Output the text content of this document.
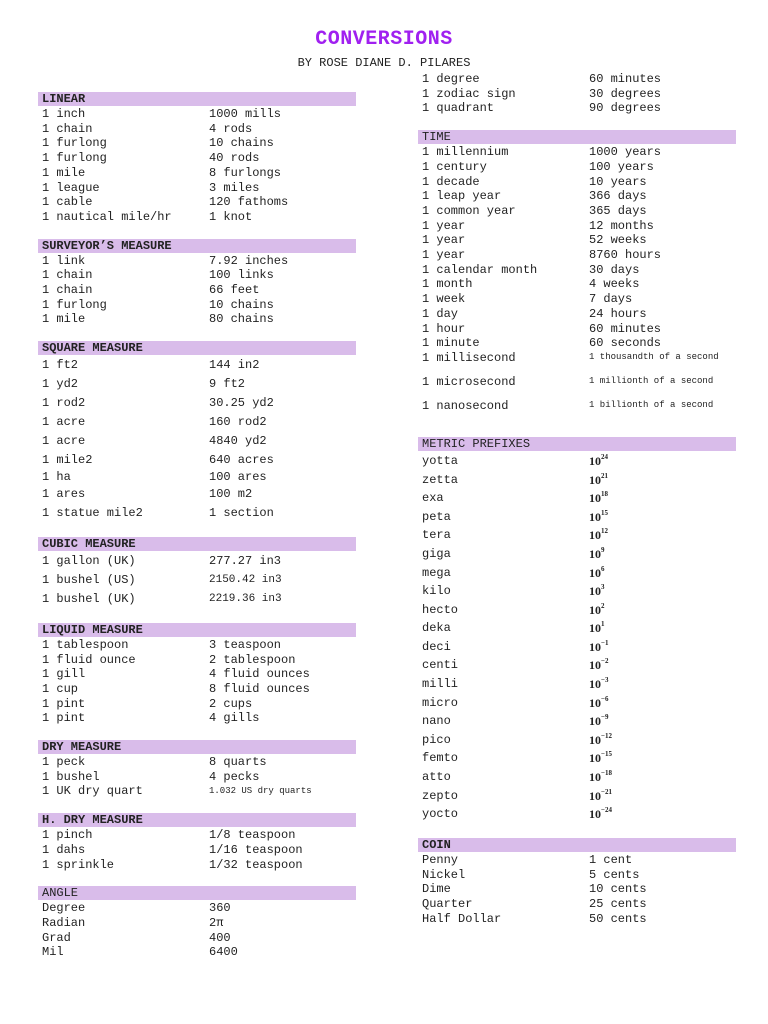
CONVERSIONS
BY ROSE DIANE D. PILARES
LINEAR
1 inch	1000 mills
1 chain	4 rods
1 furlong	10 chains
1 furlong	40 rods
1 mile	8 furlongs
1 league	3 miles
1 cable	120 fathoms
1 nautical mile/hr	1 knot
SURVEYOR’S MEASURE
1 link	7.92 inches
1 chain	100 links
1 chain	66 feet
1 furlong	10 chains
1 mile	80 chains
SQUARE MEASURE
1 ft2	144 in2
1 yd2	9 ft2
1 rod2	30.25 yd2
1 acre	160 rod2
1 acre	4840 yd2
1 mile2	640 acres
1 ha	100 ares
1 ares	100 m2
1 statue mile2	1 section
CUBIC MEASURE
1 gallon (UK)	277.27 in3
1 bushel (US)	2150.42 in3
1 bushel (UK)	2219.36 in3
LIQUID MEASURE
1 tablespoon	3 teaspoon
1 fluid ounce	2 tablespoon
1 gill	4 fluid ounces
1 cup	8 fluid ounces
1 pint	2 cups
1 pint	4 gills
DRY MEASURE
1 peck	8 quarts
1 bushel	4 pecks
1 UK dry quart	1.032 US dry quarts
H. DRY MEASURE
1 pinch	1/8 teaspoon
1 dahs	1/16 teaspoon
1 sprinkle	1/32 teaspoon
ANGLE
Degree	360
Radian	2π
Grad	400
Mil	6400
1 degree	60 minutes
1 zodiac sign	30 degrees
1 quadrant	90 degrees
TIME
1 millennium	1000 years
1 century	100 years
1 decade	10 years
1 leap year	366 days
1 common year	365 days
1 year	12 months
1 year	52 weeks
1 year	8760 hours
1 calendar month	30 days
1 month	4 weeks
1 week	7 days
1 day	24 hours
1 hour	60 minutes
1 minute	60 seconds
1 millisecond	1 thousandth of a second
1 microsecond	1 millionth of a second
1 nanosecond	1 billionth of a second
METRIC PREFIXES
yotta	$10^{24}$
zetta	$10^{21}$
exa	$10^{18}$
peta	$10^{15}$
tera	$10^{12}$
giga	$10^9$
mega	$10^6$
kilo	$10^3$
hecto	$10^2$
deka	$10^1$
deci	$10^{-1}$
centi	$10^{-2}$
milli	$10^{-3}$
micro	$10^{-6}$
nano	$10^{-9}$
pico	$10^{-12}$
femto	$10^{-15}$
atto	$10^{-18}$
zepto	$10^{-21}$
yocto	$10^{-24}$
COIN
Penny	1 cent
Nickel	5 cents
Dime	10 cents
Quarter	25 cents
Half Dollar	50 cents
